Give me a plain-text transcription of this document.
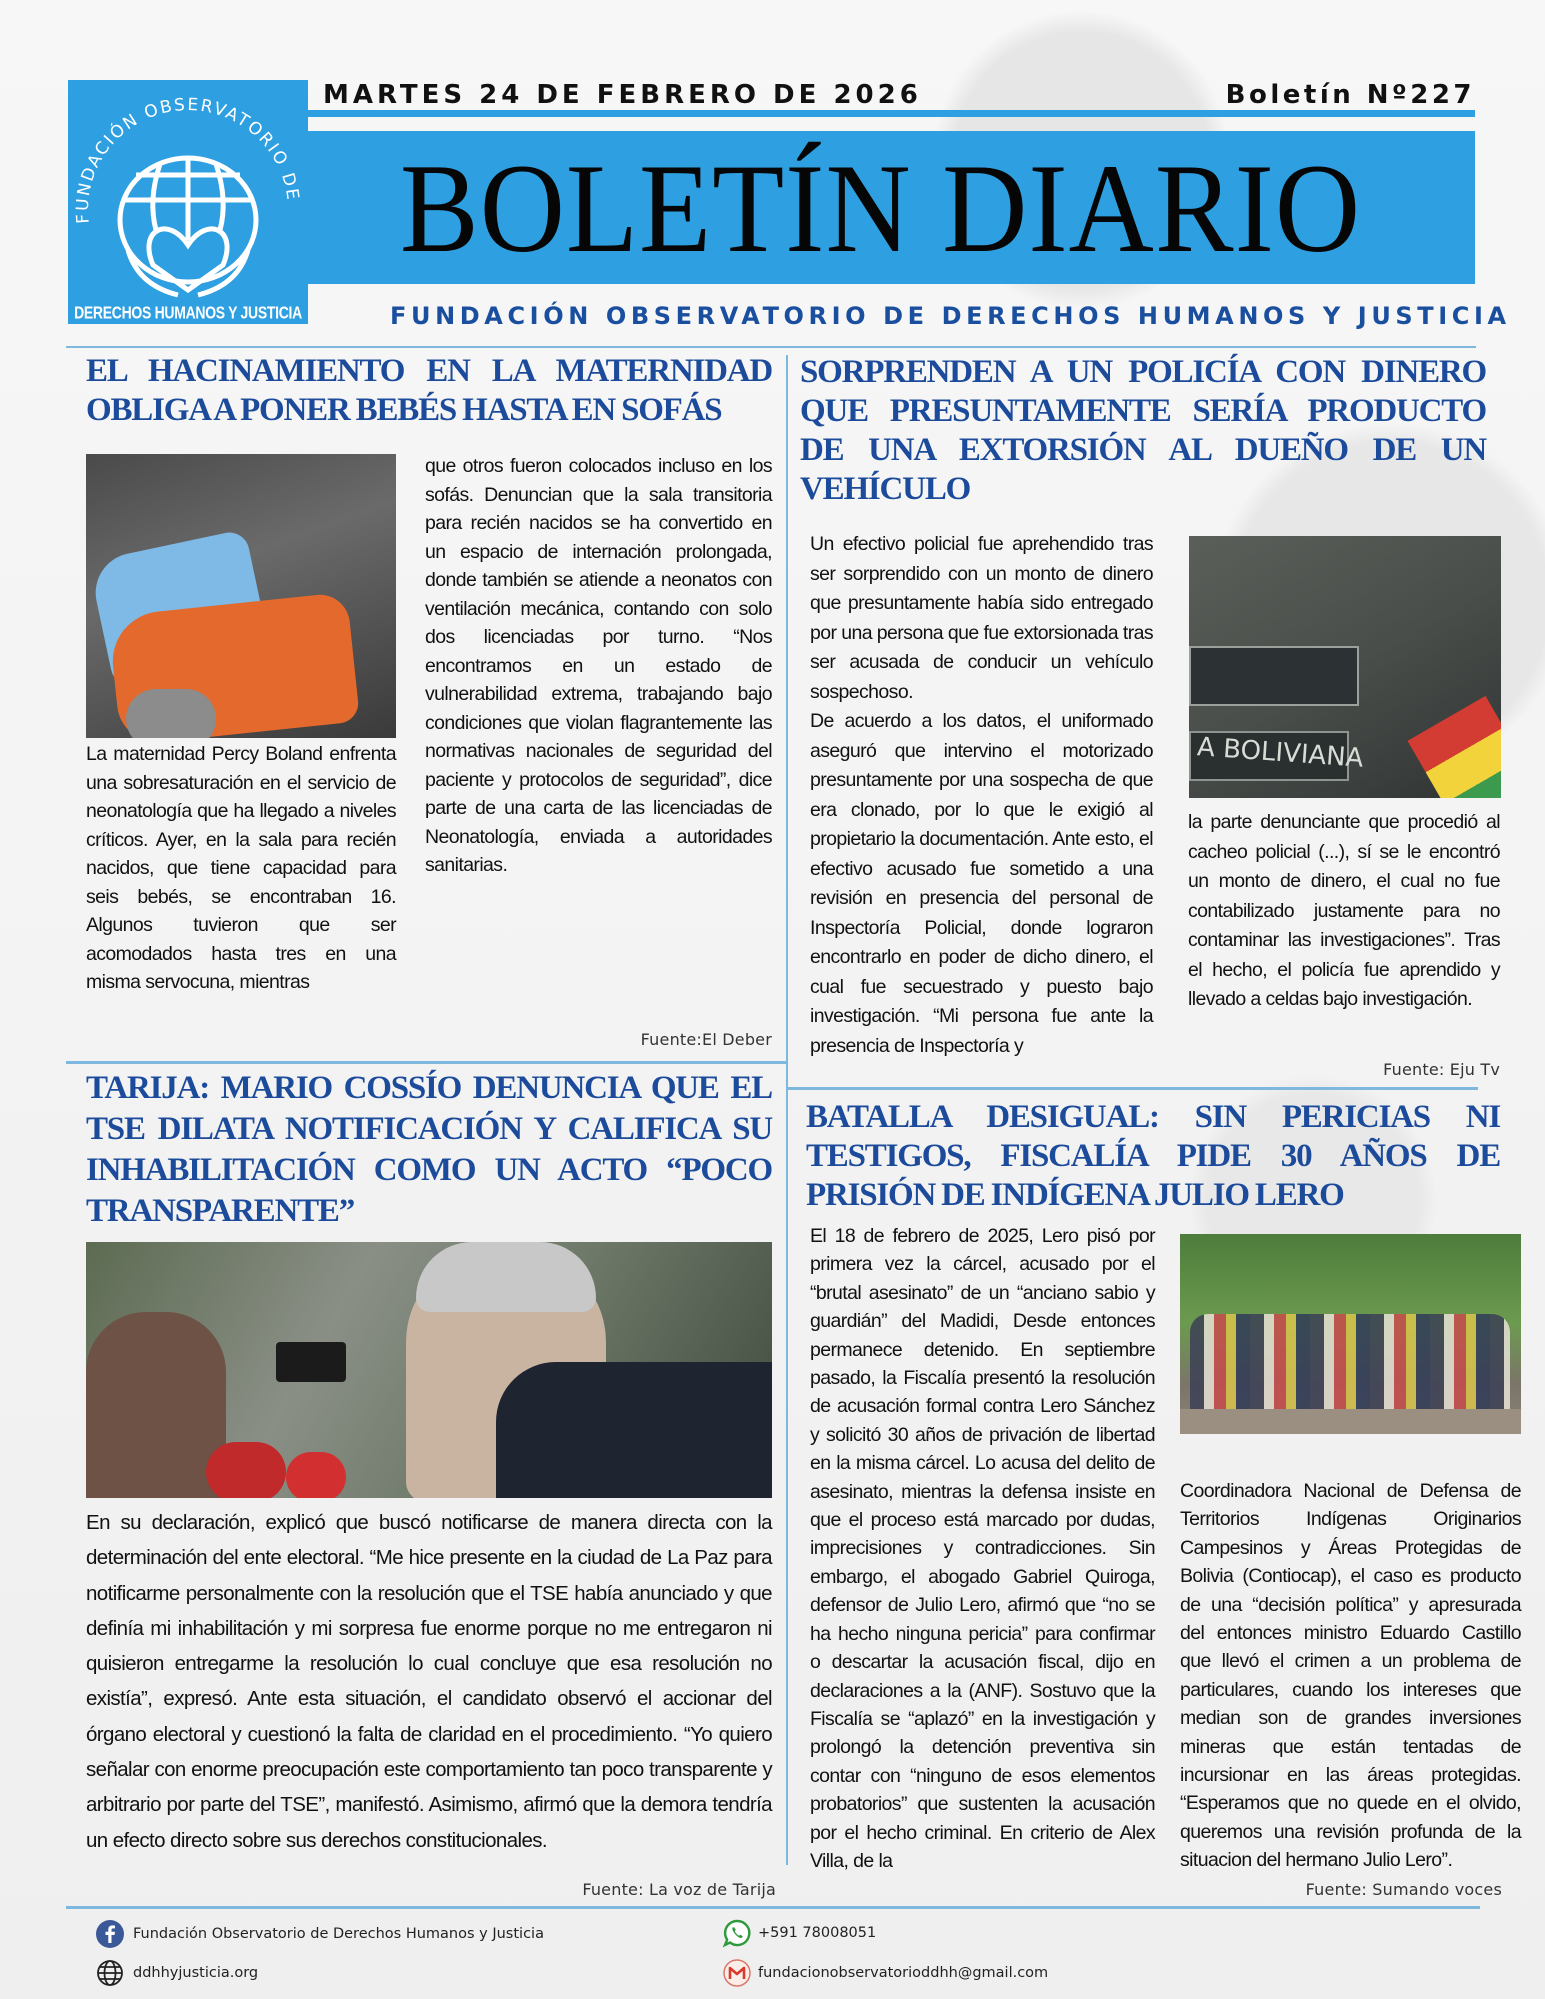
FUNDACIÓN OBSERVATORIO DE
DERECHOS HUMANOS Y JUSTICIA
MARTES 24 DE FEBRERO DE 2026	Boletín Nº227
BOLETÍN DIARIO
FUNDACIÓN OBSERVATORIO DE DERECHOS HUMANOS Y JUSTICIA
EL HACINAMIENTO EN LA MATERNIDAD OBLIGA A PONER BEBÉS HASTA EN SOFÁS
La maternidad Percy Boland enfrenta una sobresaturación en el servicio de neonatología que ha llegado a niveles críticos. Ayer, en la sala para recién nacidos, que tiene capacidad para seis bebés, se encontraban 16. Algunos tuvieron que ser acomodados hasta tres en una misma servocuna, mientras
que otros fueron colocados incluso en los sofás. Denuncian que la sala transitoria para recién nacidos se ha convertido en un espacio de internación prolongada, donde también se atiende a neonatos con ventilación mecánica, contando con solo dos licenciadas por turno. “Nos encontramos en un estado de vulnerabilidad extrema, trabajando bajo condiciones que violan flagrantemente las normativas nacionales de seguridad del paciente y protocolos de seguridad”, dice parte de una carta de las licenciadas de Neonatología, enviada a autoridades sanitarias.
Fuente:El Deber
SORPRENDEN A UN POLICÍA CON DINERO QUE PRESUNTAMENTE SERÍA PRODUCTO DE UNA EXTORSIÓN AL DUEÑO DE UN VEHÍCULO
Un efectivo policial fue aprehendido tras ser sorprendido con un monto de dinero que presuntamente había sido entregado por una persona que fue extorsionada tras ser acusada de conducir un vehículo sospechoso.

De acuerdo a los datos, el uniformado aseguró que intervino el motorizado presuntamente por una sospecha de que era clonado, por lo que le exigió al propietario la documentación. Ante esto, el efectivo acusado fue sometido a una revisión en presencia del personal de Inspectoría Policial, donde lograron encontrarlo en poder de dicho dinero, el cual fue secuestrado y puesto bajo investigación. “Mi persona fue ante la presencia de Inspectoría y
A BOLIVIANA
la parte denunciante que procedió al cacheo policial (...), sí se le encontró un monto de dinero, el cual no fue contabilizado justamente para no contaminar las investigaciones”. Tras el hecho, el policía fue aprendido y llevado a celdas bajo investigación.
Fuente: Eju Tv
TARIJA: MARIO COSSÍO DENUNCIA QUE EL TSE DILATA NOTIFICACIÓN Y CALIFICA SU INHABILITACIÓN COMO UN ACTO “POCO TRANSPARENTE”
En su declaración, explicó que buscó notificarse de manera directa con la determinación del ente electoral. “Me hice presente en la ciudad de La Paz para notificarme personalmente con la resolución que el TSE había anunciado y que definía mi inhabilitación y mi sorpresa fue enorme porque no me entregaron ni quisieron entregarme la resolución lo cual concluye que esa resolución no existía”, expresó. Ante esta situación, el candidato observó el accionar del órgano electoral y cuestionó la falta de claridad en el procedimiento. “Yo quiero señalar con enorme preocupación este comportamiento tan poco transparente y arbitrario por parte del TSE”, manifestó. Asimismo, afirmó que la demora tendría un efecto directo sobre sus derechos constitucionales.
Fuente: La voz de Tarija
BATALLA DESIGUAL: SIN PERICIAS NI TESTIGOS, FISCALÍA PIDE 30 AÑOS DE PRISIÓN DE INDÍGENA JULIO LERO
El 18 de febrero de 2025, Lero pisó por primera vez la cárcel, acusado por el “brutal asesinato” de un “anciano sabio y guardián” del Madidi, Desde entonces permanece detenido. En septiembre pasado, la Fiscalía presentó la resolución de acusación formal contra Lero Sánchez y solicitó 30 años de privación de libertad en la misma cárcel. Lo acusa del delito de asesinato, mientras la defensa insiste en que el proceso está marcado por dudas, imprecisiones y contradicciones. Sin embargo, el abogado Gabriel Quiroga, defensor de Julio Lero, afirmó que “no se ha hecho ninguna pericia” para confirmar o descartar la acusación fiscal, dijo en declaraciones a la (ANF). Sostuvo que la Fiscalía se “aplazó” en la investigación y prolongó la detención preventiva sin contar con “ninguno de esos elementos probatorios” que sustenten la acusación por el hecho criminal. En criterio de Alex Villa, de la
Coordinadora Nacional de Defensa de Territorios Indígenas Originarios Campesinos y Áreas Protegidas de Bolivia (Contiocap), el caso es producto de una “decisión política” y apresurada del entonces ministro Eduardo Castillo que llevó el crimen a un problema de particulares, cuando los intereses que median son de grandes inversiones mineras que están tentadas de incursionar en las áreas protegidas. “Esperamos que no quede en el olvido, queremos una revisión profunda de la situacion del hermano Julio Lero”.
Fuente: Sumando voces
Fundación Observatorio de Derechos Humanos y Justicia
ddhhyjusticia.org
+591 78008051
fundacionobservatorioddhh@gmail.com
